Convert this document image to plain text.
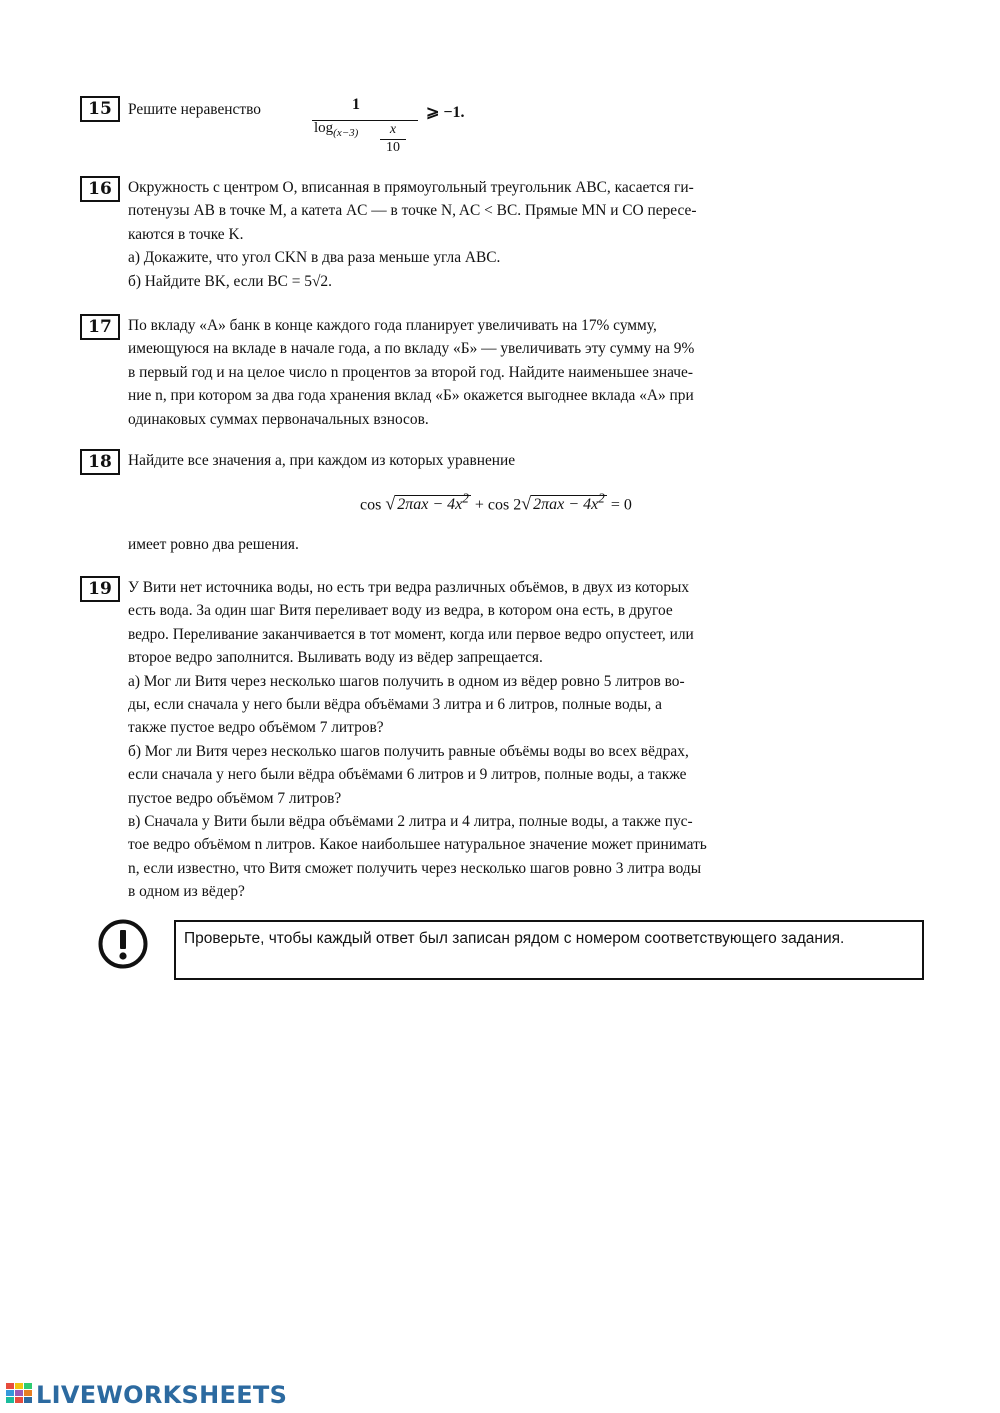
15	Решите неравенство	1
$\log_{(x-3)} \frac{x}{10}$
⩾ −1.
16	Окружность с центром O, вписанная в прямоугольный треугольник ABC, касается ги-

потенузы AB в точке M, а катета AC — в точке N, AC < BC. Прямые MN и CO пересе-

каются в точке K.

а) Докажите, что угол CKN в два раза меньше угла ABC.

б) Найдите BK, если BC = 5√2.

17	По вкладу «А» банк в конце каждого года планирует увеличивать на 17% сумму,

имеющуюся на вкладе в начале года, а по вкладу «Б» — увеличивать эту сумму на 9%

в первый год и на целое число n процентов за второй год. Найдите наименьшее значе-

ние n, при котором за два года хранения вклад «Б» окажется выгоднее вклада «А» при

одинаковых суммах первоначальных взносов.

18	Найдите все значения a, при каждом из которых уравнение

cos √ $2\pi ax - 4x^2 + \cos 2√$ $2\pi ax - 4x^2 = 0$

имеет ровно два решения.

19	У Вити нет источника воды, но есть три ведра различных объёмов, в двух из которых

есть вода. За один шаг Витя переливает воду из ведра, в котором она есть, в другое

ведро. Переливание заканчивается в тот момент, когда или первое ведро опустеет, или

второе ведро заполнится. Выливать воду из вёдер запрещается.

а) Мог ли Витя через несколько шагов получить в одном из вёдер ровно 5 литров во-

ды, если сначала у него были вёдра объёмами 3 литра и 6 литров, полные воды, а

также пустое ведро объёмом 7 литров?

б) Мог ли Витя через несколько шагов получить равные объёмы воды во всех вёдрах,

если сначала у него были вёдра объёмами 6 литров и 9 литров, полные воды, а также

пустое ведро объёмом 7 литров?

в) Сначала у Вити были вёдра объёмами 2 литра и 4 литра, полные воды, а также пус-

тое ведро объёмом n литров. Какое наибольшее натуральное значение может принимать

n, если известно, что Витя сможет получить через несколько шагов ровно 3 литра воды

в одном из вёдер?

Проверьте, чтобы каждый ответ был записан рядом с номером соответствующего задания.
LIVEWORKSHEETS
